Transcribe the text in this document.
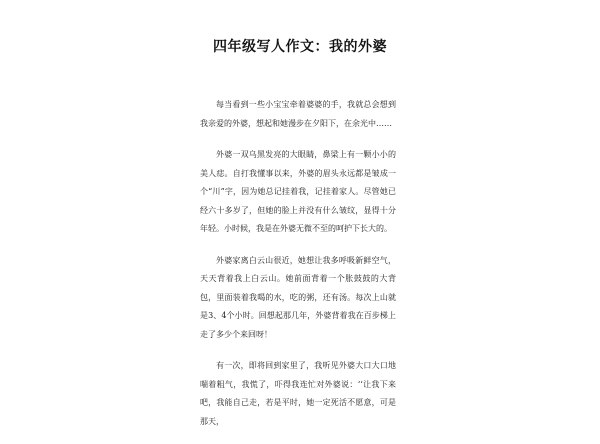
四年级写人作文：我的外婆

每当看到一些小宝宝牵着婆婆的手，我就总会想到我亲爱的外婆，想起和她漫步在夕阳下，在余光中……

外婆一双乌黑发亮的大眼睛，鼻梁上有一颗小小的美人痣。自打我懂事以来，外婆的眉头永远都是皱成一个“川”字，因为她总记挂着我，记挂着家人。尽管她已经六十多岁了，但她的脸上并没有什么皱纹，显得十分年轻。小时候，我是在外婆无微不至的呵护下长大的。

外婆家离白云山很近，她想让我多呼吸新鲜空气，天天背着我上白云山。她前面背着一个胀鼓鼓的大背包，里面装着我喝的水，吃的粥，还有汤。每次上山就是3、4个小时。回想起那几年，外婆背着我在百步梯上走了多少个来回呀！

有一次，即将回到家里了，我听见外婆大口大口地喘着粗气，我慌了，吓得我连忙对外婆说：‘‘让我下来吧，我能自己走，若是平时，她一定死活不愿意，可是那天，
